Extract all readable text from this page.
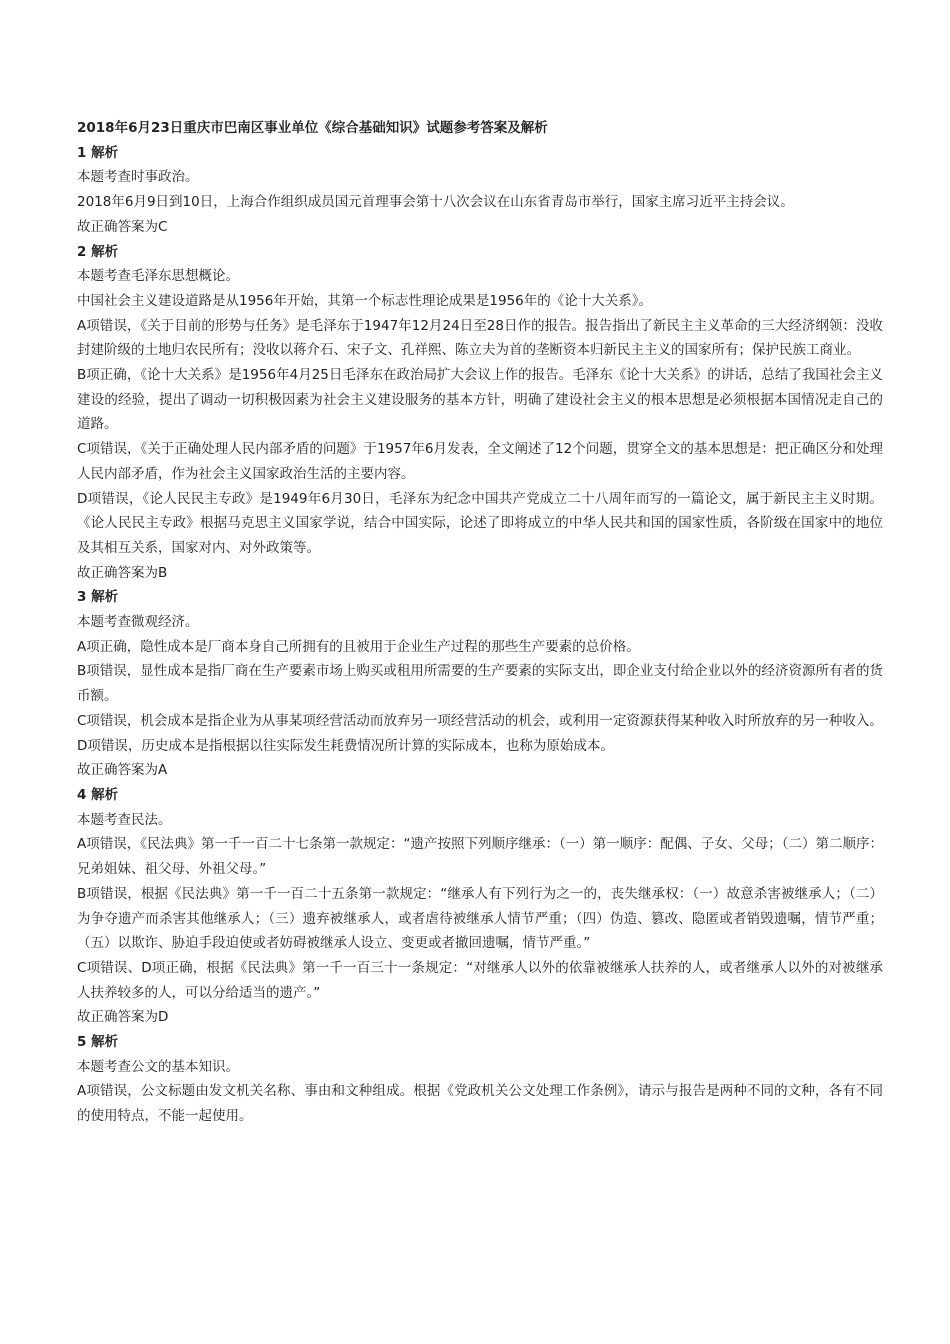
2018年6月23日重庆市巴南区事业单位《综合基础知识》试题参考答案及解析

1 解析

本题考查时事政治。

2018年6月9日到10日，上海合作组织成员国元首理事会第十八次会议在山东省青岛市举行，国家主席习近平主持会议。

故正确答案为C

2 解析

本题考查毛泽东思想概论。

中国社会主义建设道路是从1956年开始，其第一个标志性理论成果是1956年的《论十大关系》。

A项错误，《关于目前的形势与任务》是毛泽东于1947年12月24日至28日作的报告。报告指出了新民主主义革命的三大经济纲领：没收封建阶级的土地归农民所有；没收以蒋介石、宋子文、孔祥熙、陈立夫为首的垄断资本归新民主主义的国家所有；保护民族工商业。

B项正确，《论十大关系》是1956年4月25日毛泽东在政治局扩大会议上作的报告。毛泽东《论十大关系》的讲话，总结了我国社会主义建设的经验，提出了调动一切积极因素为社会主义建设服务的基本方针，明确了建设社会主义的根本思想是必须根据本国情况走自己的道路。

C项错误，《关于正确处理人民内部矛盾的问题》于1957年6月发表，全文阐述了12个问题，贯穿全文的基本思想是：把正确区分和处理人民内部矛盾，作为社会主义国家政治生活的主要内容。

D项错误，《论人民民主专政》是1949年6月30日，毛泽东为纪念中国共产党成立二十八周年而写的一篇论文，属于新民主主义时期。《论人民民主专政》根据马克思主义国家学说，结合中国实际，论述了即将成立的中华人民共和国的国家性质，各阶级在国家中的地位及其相互关系，国家对内、对外政策等。

故正确答案为B

3 解析

本题考查微观经济。

A项正确，隐性成本是厂商本身自己所拥有的且被用于企业生产过程的那些生产要素的总价格。

B项错误，显性成本是指厂商在生产要素市场上购买或租用所需要的生产要素的实际支出，即企业支付给企业以外的经济资源所有者的货币额。

C项错误，机会成本是指企业为从事某项经营活动而放弃另一项经营活动的机会，或利用一定资源获得某种收入时所放弃的另一种收入。

D项错误，历史成本是指根据以往实际发生耗费情况所计算的实际成本，也称为原始成本。

故正确答案为A

4 解析

本题考查民法。

A项错误，《民法典》第一千一百二十七条第一款规定：“遗产按照下列顺序继承：（一）第一顺序：配偶、子女、父母；（二）第二顺序：兄弟姐妹、祖父母、外祖父母。”

B项错误，根据《民法典》第一千一百二十五条第一款规定：“继承人有下列行为之一的，丧失继承权：（一）故意杀害被继承人；（二）为争夺遗产而杀害其他继承人；（三）遗弃被继承人，或者虐待被继承人情节严重；（四）伪造、篡改、隐匿或者销毁遗嘱，情节严重；（五）以欺诈、胁迫手段迫使或者妨碍被继承人设立、变更或者撤回遗嘱，情节严重。”

C项错误、D项正确，根据《民法典》第一千一百三十一条规定：“对继承人以外的依靠被继承人扶养的人，或者继承人以外的对被继承人扶养较多的人，可以分给适当的遗产。”

故正确答案为D

5 解析

本题考查公文的基本知识。

A项错误，公文标题由发文机关名称、事由和文种组成。根据《党政机关公文处理工作条例》，请示与报告是两种不同的文种，各有不同的使用特点，不能一起使用。
